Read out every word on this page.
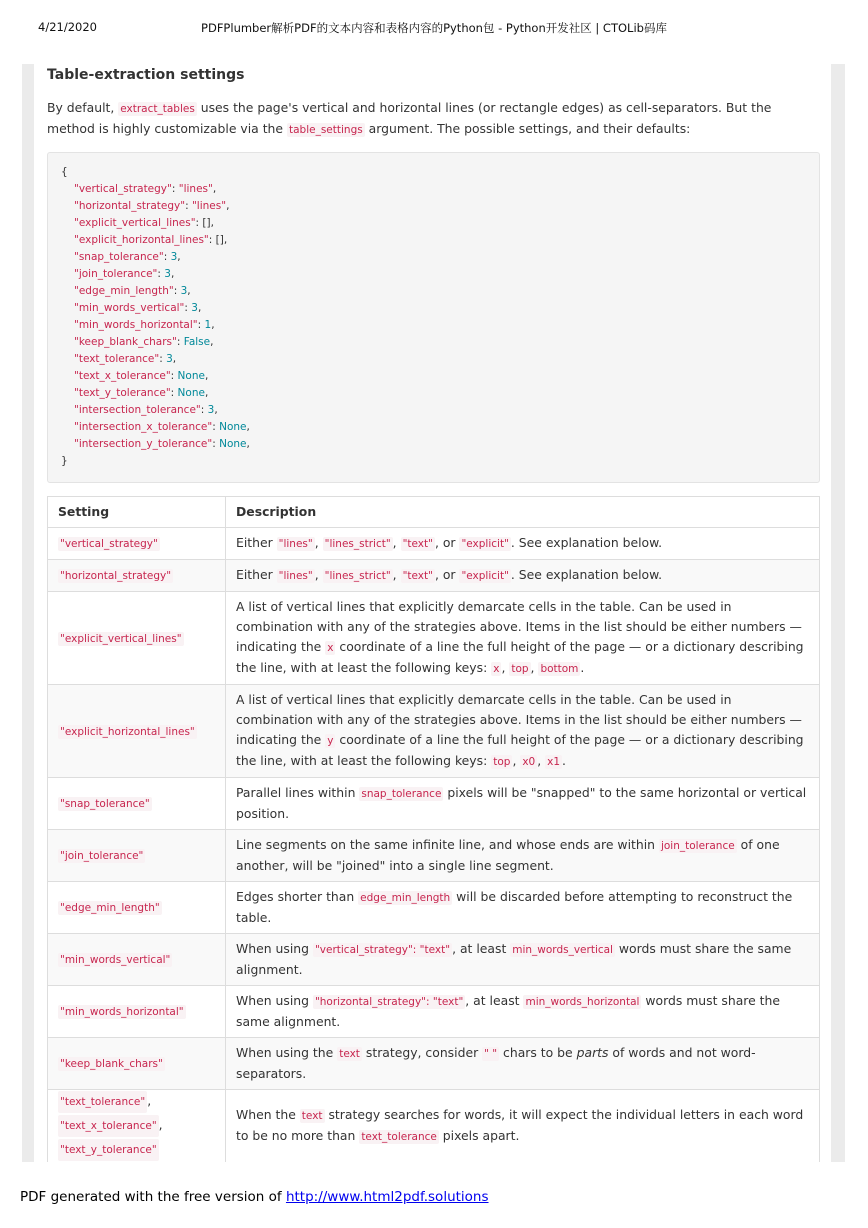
4/21/2020	PDFPlumber解析PDF的文本内容和表格内容的Python包 - Python开发社区 | CTOLib码库
Table-extraction settings
By default, extract_tables uses the page's vertical and horizontal lines (or rectangle edges) as cell-separators. But the method is highly customizable via the table_settings argument. The possible settings, and their defaults:
{
"vertical_strategy": "lines",
"horizontal_strategy": "lines",
"explicit_vertical_lines": [],
"explicit_horizontal_lines": [],
"snap_tolerance": 3,
"join_tolerance": 3,
"edge_min_length": 3,
"min_words_vertical": 3,
"min_words_horizontal": 1,
"keep_blank_chars": False,
"text_tolerance": 3,
"text_x_tolerance": None,
"text_y_tolerance": None,
"intersection_tolerance": 3,
"intersection_x_tolerance": None,
"intersection_y_tolerance": None,
}
Setting	Description
"vertical_strategy"	Either "lines" , "lines_strict" , "text" , or "explicit" . See explanation below.
"horizontal_strategy"	Either "lines" , "lines_strict" , "text" , or "explicit" . See explanation below.
"explicit_vertical_lines"	A list of vertical lines that explicitly demarcate cells in the table. Can be used in combination with any of the strategies above. Items in the list should be either numbers — indicating the x coordinate of a line the full height of the page — or a dictionary describing the line, with at least the following keys: x , top , bottom .
"explicit_horizontal_lines"	A list of vertical lines that explicitly demarcate cells in the table. Can be used in combination with any of the strategies above. Items in the list should be either numbers — indicating the y coordinate of a line the full height of the page — or a dictionary describing the line, with at least the following keys: top , x0 , x1 .
"snap_tolerance"	Parallel lines within snap_tolerance pixels will be "snapped" to the same horizontal or vertical position.
"join_tolerance"	Line segments on the same infinite line, and whose ends are within join_tolerance of one another, will be "joined" into a single line segment.
"edge_min_length"	Edges shorter than edge_min_length will be discarded before attempting to reconstruct the table.
"min_words_vertical"	When using "vertical_strategy": "text" , at least min_words_vertical words must share the same alignment.
"min_words_horizontal"	When using "horizontal_strategy": "text" , at least min_words_horizontal words must share the same alignment.
"keep_blank_chars"	When using the text strategy, consider " " chars to be parts of words and not word-separators.
"text_tolerance" ,
"text_x_tolerance" ,
"text_y_tolerance"	When the text strategy searches for words, it will expect the individual letters in each word to be no more than text_tolerance pixels apart.

PDF generated with the free version of http://www.html2pdf.solutions
